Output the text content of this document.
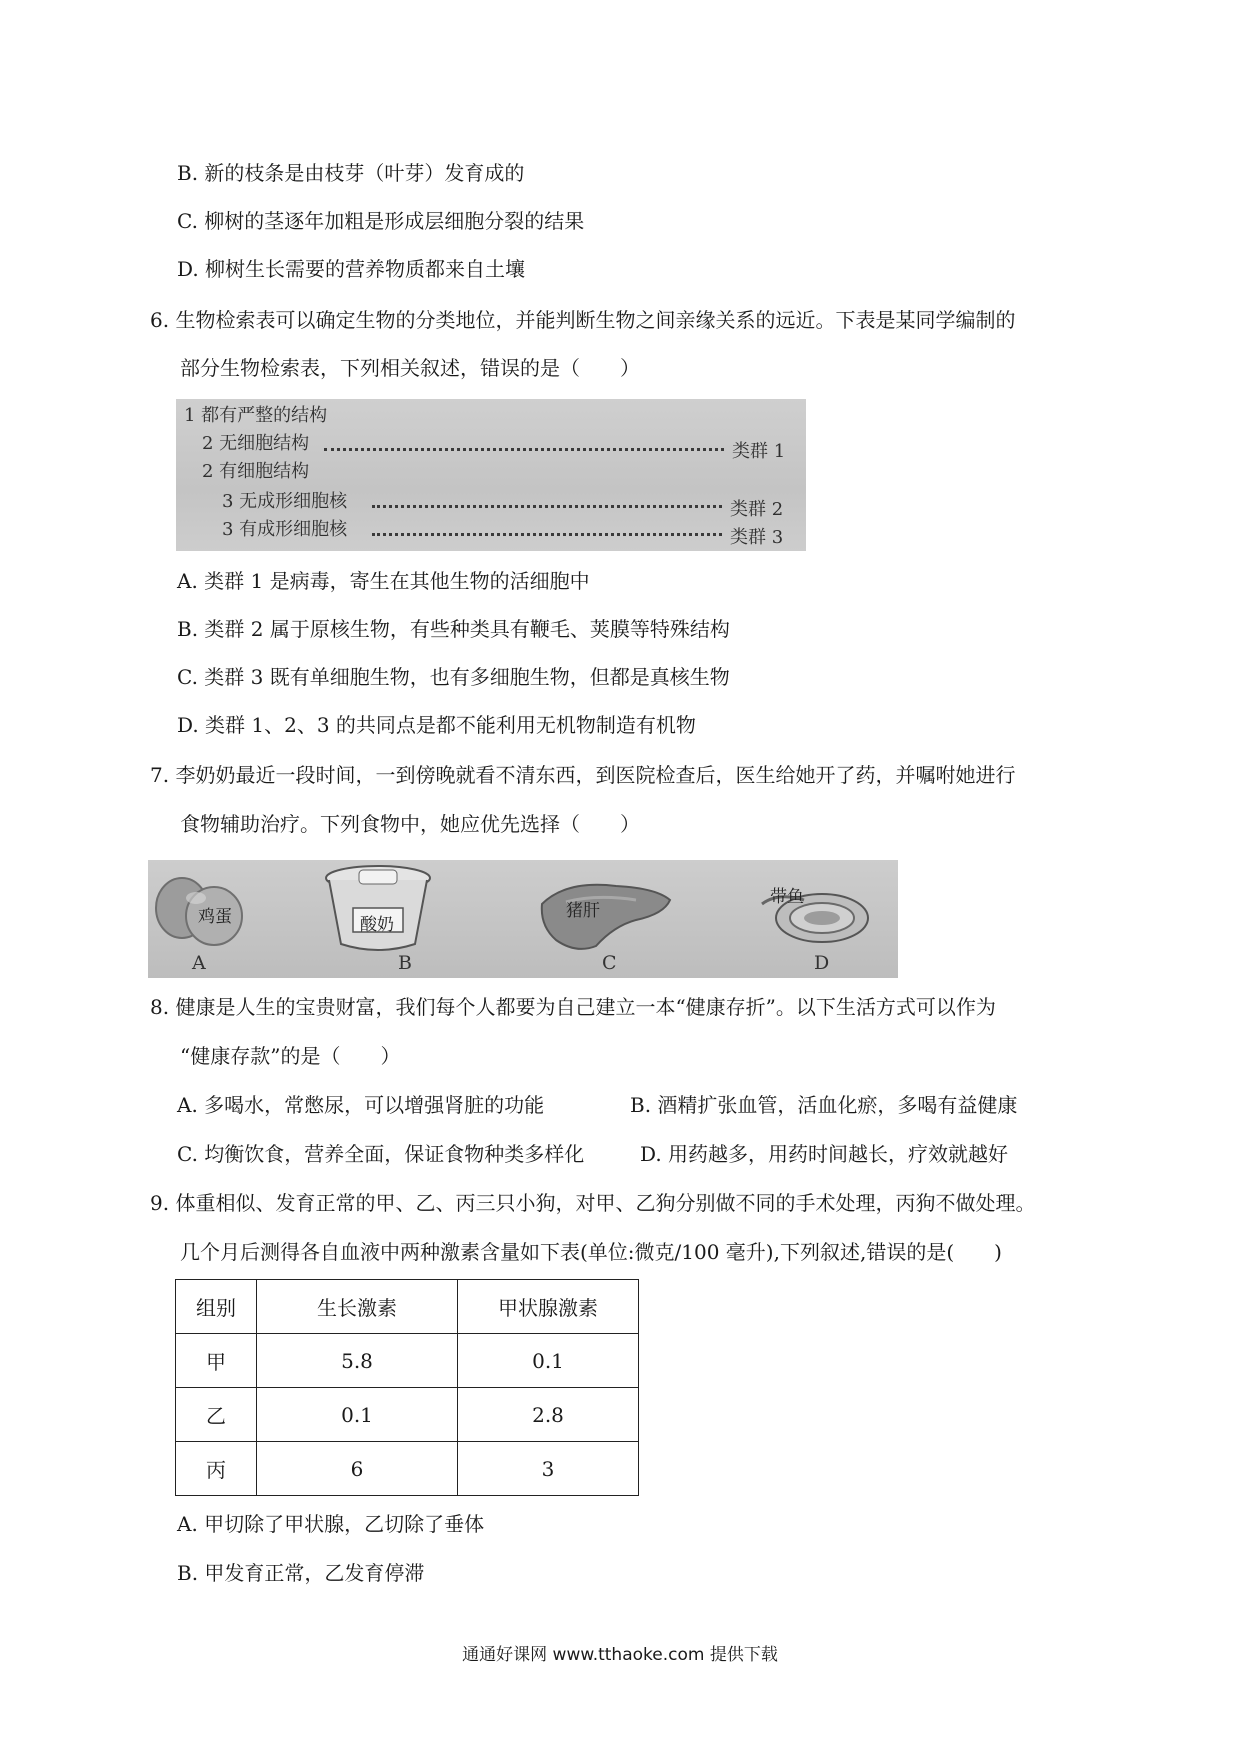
B. 新的枝条是由枝芽（叶芽）发育成的
C. 柳树的茎逐年加粗是形成层细胞分裂的结果
D. 柳树生长需要的营养物质都来自土壤
6. 生物检索表可以确定生物的分类地位，并能判断生物之间亲缘关系的远近。下表是某同学编制的
部分生物检索表，下列相关叙述，错误的是（　　）
1 都有严整的结构
2 无细胞结构	类群 1
2 有细胞结构
3 无成形细胞核	类群 2
3 有成形细胞核	类群 3
A. 类群 1 是病毒，寄生在其他生物的活细胞中
B. 类群 2 属于原核生物，有些种类具有鞭毛、荚膜等特殊结构
C. 类群 3 既有单细胞生物，也有多细胞生物，但都是真核生物
D. 类群 1、2、3 的共同点是都不能利用无机物制造有机物
7. 李奶奶最近一段时间，一到傍晚就看不清东西，到医院检查后，医生给她开了药，并嘱咐她进行
食物辅助治疗。下列食物中，她应优先选择（　　）
鸡蛋
A
酸奶
B
猪肝
C
带鱼
D
8. 健康是人生的宝贵财富，我们每个人都要为自己建立一本“健康存折”。以下生活方式可以作为
“健康存款”的是（　　）
A. 多喝水，常憋尿，可以增强肾脏的功能	B. 酒精扩张血管，活血化瘀，多喝有益健康
C. 均衡饮食，营养全面，保证食物种类多样化	D. 用药越多，用药时间越长，疗效就越好
9. 体重相似、发育正常的甲、乙、丙三只小狗，对甲、乙狗分别做不同的手术处理，丙狗不做处理。
几个月后测得各自血液中两种激素含量如下表(单位:微克/100 毫升),下列叙述,错误的是(　　)
组别	生长激素	甲状腺激素
甲	5.8	0.1
乙	0.1	2.8
丙	6	3
A. 甲切除了甲状腺，乙切除了垂体
B. 甲发育正常，乙发育停滞
通通好课网 www.tthaoke.com 提供下载
